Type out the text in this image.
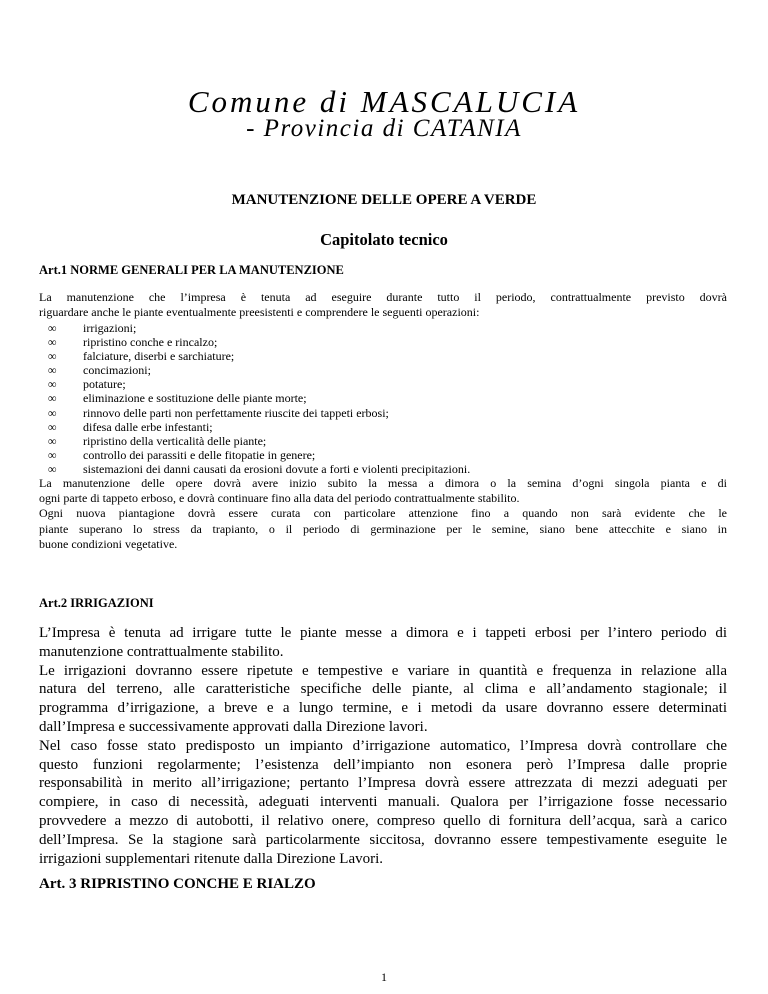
Comune di MASCALUCIA
- Provincia di CATANIA
MANUTENZIONE DELLE OPERE A VERDE
Capitolato tecnico
Art.1 NORME GENERALI PER LA MANUTENZIONE
La manutenzione che l’impresa è tenuta ad eseguire durante tutto il periodo, contrattualmente previsto dovrà
riguardare anche le piante eventualmente preesistenti e comprendere le seguenti operazioni:
∞ irrigazioni;
∞ ripristino conche e rincalzo;
∞ falciature, diserbi e sarchiature;
∞ concimazioni;
∞ potature;
∞ eliminazione e sostituzione delle piante morte;
∞ rinnovo delle parti non perfettamente riuscite dei tappeti erbosi;
∞ difesa dalle erbe infestanti;
∞ ripristino della verticalità delle piante;
∞ controllo dei parassiti e delle fitopatie in genere;
∞ sistemazioni dei danni causati da erosioni dovute a forti e violenti precipitazioni.
La manutenzione delle opere dovrà avere inizio subito la messa a dimora o la semina d’ogni singola pianta e di
ogni parte di tappeto erboso, e dovrà continuare fino alla data del periodo contrattualmente stabilito.
Ogni nuova piantagione dovrà essere curata con particolare attenzione fino a quando non sarà evidente che le
piante superano lo stress da trapianto, o il periodo di germinazione per le semine, siano bene attecchite e siano in
buone condizioni vegetative.
Art.2 IRRIGAZIONI
L’Impresa è tenuta ad irrigare tutte le piante messe a dimora e i tappeti erbosi per l’intero periodo di
manutenzione contrattualmente stabilito.
Le irrigazioni dovranno essere ripetute e tempestive e variare in quantità e frequenza in relazione alla
natura del terreno, alle caratteristiche specifiche delle piante, al clima e all’andamento stagionale; il
programma d’irrigazione, a breve e a lungo termine, e i metodi da usare dovranno essere determinati
dall’Impresa e successivamente approvati dalla Direzione lavori.
Nel caso fosse stato predisposto un impianto d’irrigazione automatico, l’Impresa dovrà controllare che
questo funzioni regolarmente; l’esistenza dell’impianto non esonera però l’Impresa dalle proprie
responsabilità in merito all’irrigazione; pertanto l’Impresa dovrà essere attrezzata di mezzi adeguati per
compiere, in caso di necessità, adeguati interventi manuali. Qualora per l’irrigazione fosse necessario
provvedere a mezzo di autobotti, il relativo onere, compreso quello di fornitura dell’acqua, sarà a carico
dell’Impresa. Se la stagione sarà particolarmente siccitosa, dovranno essere tempestivamente eseguite le
irrigazioni supplementari ritenute dalla Direzione Lavori.
Art. 3 RIPRISTINO CONCHE E RIALZO
1
